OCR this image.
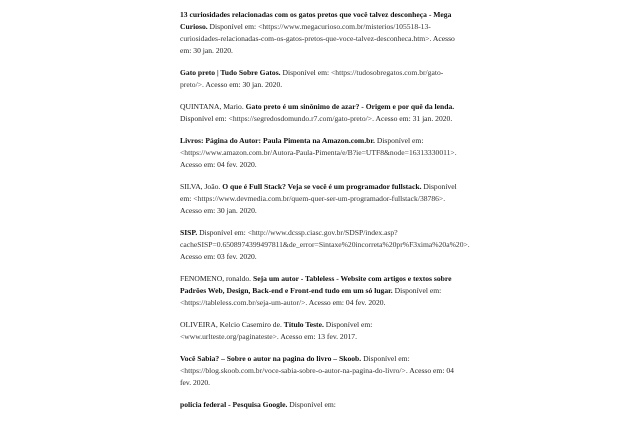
13 curiosidades relacionadas com os gatos pretos que você talvez desconheça - Mega Curioso. Disponível em: <https://www.megacurioso.com.br/misterios/105518-13-curiosidades-relacionadas-com-os-gatos-pretos-que-voce-talvez-desconheca.htm>. Acesso em: 30 jan. 2020.

Gato preto | Tudo Sobre Gatos. Disponível em: <https://tudosobregatos.com.br/gato-preto/>. Acesso em: 30 jan. 2020.

QUINTANA, Mario. Gato preto é um sinônimo de azar? - Origem e por quê da lenda. Disponível em: <https://segredosdomundo.r7.com/gato-preto/>. Acesso em: 31 jan. 2020.

Livros: Página do Autor: Paula Pimenta na Amazon.com.br. Disponível em: <https://www.amazon.com.br/Autora-Paula-Pimenta/e/B?ie=UTF8&node=16313330011>. Acesso em: 04 fev. 2020.

SILVA, João. O que é Full Stack? Veja se você é um programador fullstack. Disponível em: <https://www.devmedia.com.br/quem-quer-ser-um-programador-fullstack/38786>. Acesso em: 30 jan. 2020.

SISP. Disponível em: <http://www.dcssp.ciasc.gov.br/SDSP/index.asp?cacheSISP=0.6508974399497811&de_error=Sintaxe%20incorreta%20pr%F3xima%20a%20>. Acesso em: 03 fev. 2020.

FENOMENO, ronaldo. Seja um autor - Tableless - Website com artigos e textos sobre Padrões Web, Design, Back-end e Front-end tudo em um só lugar. Disponível em: <https://tableless.com.br/seja-um-autor/>. Acesso em: 04 fev. 2020.

OLIVEIRA, Kelcio Casemiro de. Título Teste. Disponível em: <www.urlteste.org/paginateste>. Acesso em: 13 fev. 2017.

Você Sabia? – Sobre o autor na pagina do livro – Skoob. Disponível em: <https://blog.skoob.com.br/voce-sabia-sobre-o-autor-na-pagina-do-livro/>. Acesso em: 04 fev. 2020.

policia federal - Pesquisa Google. Disponível em:
